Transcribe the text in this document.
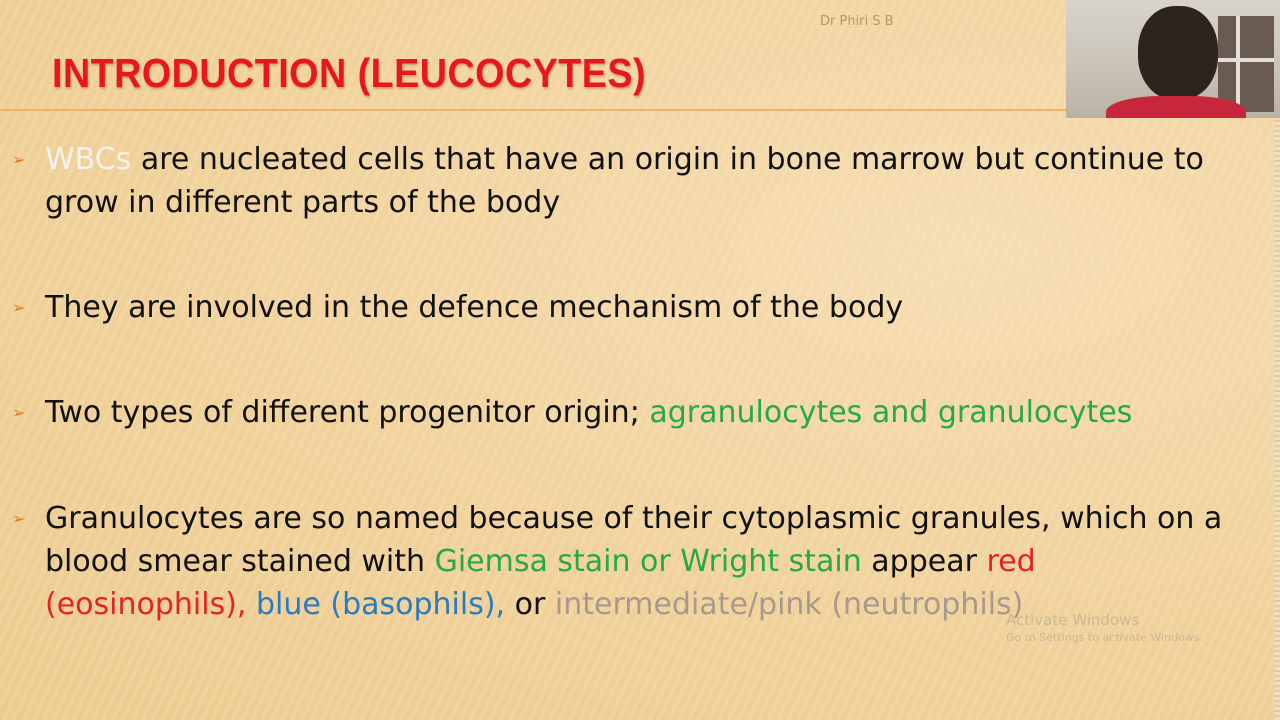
Dr Phiri S B
INTRODUCTION (LEUCOCYTES)
➢ WBCs are nucleated cells that have an origin in bone marrow but continue to grow in different parts of the body
➢ They are involved in the defence mechanism of the body
➢ Two types of different progenitor origin; agranulocytes and granulocytes
➢ Granulocytes are so named because of their cytoplasmic granules, which on a blood smear stained with Giemsa stain or Wright stain appear red (eosinophils), blue (basophils), or intermediate/pink (neutrophils)
Activate Windows
Go to Settings to activate Windows.
